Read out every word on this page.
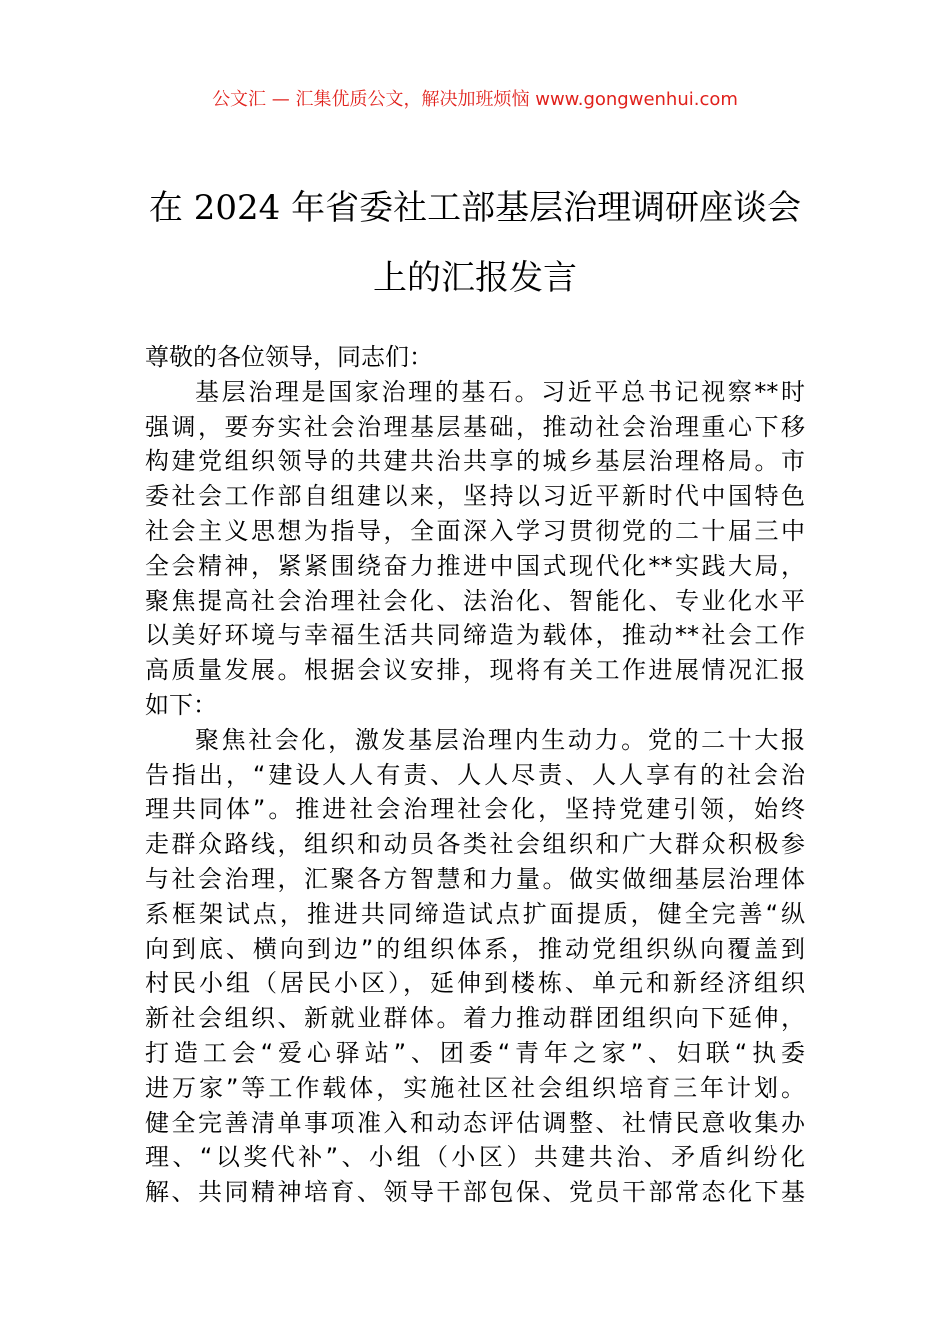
公文汇 — 汇集优质公文，解决加班烦恼 www.gongwenhui.com
在 2024 年省委社工部基层治理调研座谈会
上的汇报发言
尊敬的各位领导，同志们：
基层治理是国家治理的基石。习近平总书记视察**时
强调，要夯实社会治理基层基础，推动社会治理重心下移
构建党组织领导的共建共治共享的城乡基层治理格局。市
委社会工作部自组建以来，坚持以习近平新时代中国特色
社会主义思想为指导，全面深入学习贯彻党的二十届三中
全会精神，紧紧围绕奋力推进中国式现代化**实践大局，
聚焦提高社会治理社会化、法治化、智能化、专业化水平
以美好环境与幸福生活共同缔造为载体，推动**社会工作
高质量发展。根据会议安排，现将有关工作进展情况汇报
如下：
聚焦社会化，激发基层治理内生动力。党的二十大报
告指出，“建设人人有责、人人尽责、人人享有的社会治
理共同体”。推进社会治理社会化，坚持党建引领，始终
走群众路线，组织和动员各类社会组织和广大群众积极参
与社会治理，汇聚各方智慧和力量。做实做细基层治理体
系框架试点，推进共同缔造试点扩面提质，健全完善“纵
向到底、横向到边”的组织体系，推动党组织纵向覆盖到
村民小组（居民小区），延伸到楼栋、单元和新经济组织
新社会组织、新就业群体。着力推动群团组织向下延伸，
打造工会“爱心驿站”、团委“青年之家”、妇联“执委
进万家”等工作载体，实施社区社会组织培育三年计划。
健全完善清单事项准入和动态评估调整、社情民意收集办
理、“以奖代补”、小组（小区）共建共治、矛盾纠纷化
解、共同精神培育、领导干部包保、党员干部常态化下基
